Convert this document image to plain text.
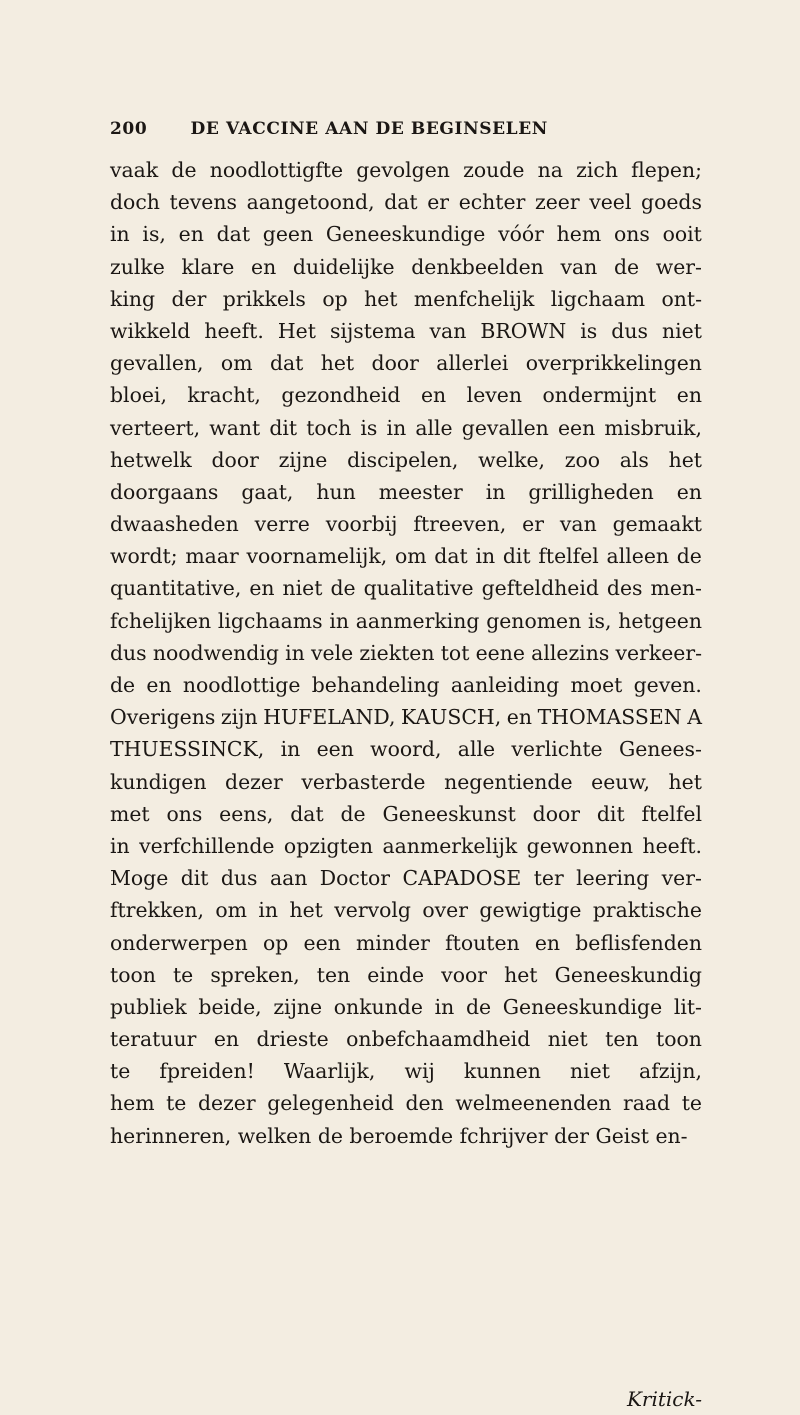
200	DE VACCINE AAN DE BEGINSELEN
vaak de noodlottigfte gevolgen zoude na zich flepen;
doch tevens aangetoond, dat er echter zeer veel goeds
in is, en dat geen Geneeskundige vóór hem ons ooit
zulke klare en duidelijke denkbeelden van de wer-
king der prikkels op het menfchelijk ligchaam ont-
wikkeld heeft. Het sijstema van BROWN is dus niet
gevallen, om dat het door allerlei overprikkelingen
bloei, kracht, gezondheid en leven ondermijnt en
verteert, want dit toch is in alle gevallen een misbruik,
hetwelk door zijne discipelen, welke, zoo als het
doorgaans gaat, hun meester in grilligheden en
dwaasheden verre voorbij ftreeven, er van gemaakt
wordt; maar voornamelijk, om dat in dit ftelfel alleen de
quantitative, en niet de qualitative gefteldheid des men-
fchelijken ligchaams in aanmerking genomen is, hetgeen
dus noodwendig in vele ziekten tot eene allezins verkeer-
de en noodlottige behandeling aanleiding moet geven.
Overigens zijn HUFELAND, KAUSCH, en THOMASSEN A
THUESSINCK, in een woord, alle verlichte Genees-
kundigen dezer verbasterde negentiende eeuw, het
met ons eens, dat de Geneeskunst door dit ftelfel
in verfchillende opzigten aanmerkelijk gewonnen heeft.
Moge dit dus aan Doctor CAPADOSE ter leering ver-
ftrekken, om in het vervolg over gewigtige praktische
onderwerpen op een minder ftouten en beflisfenden
toon te spreken, ten einde voor het Geneeskundig
publiek beide, zijne onkunde in de Geneeskundige lit-
teratuur en drieste onbefchaamdheid niet ten toon
te fpreiden! Waarlijk, wij kunnen niet afzijn,
hem te dezer gelegenheid den welmeenenden raad te
herinneren, welken de beroemde fchrijver der Geist en-
Kritick-
